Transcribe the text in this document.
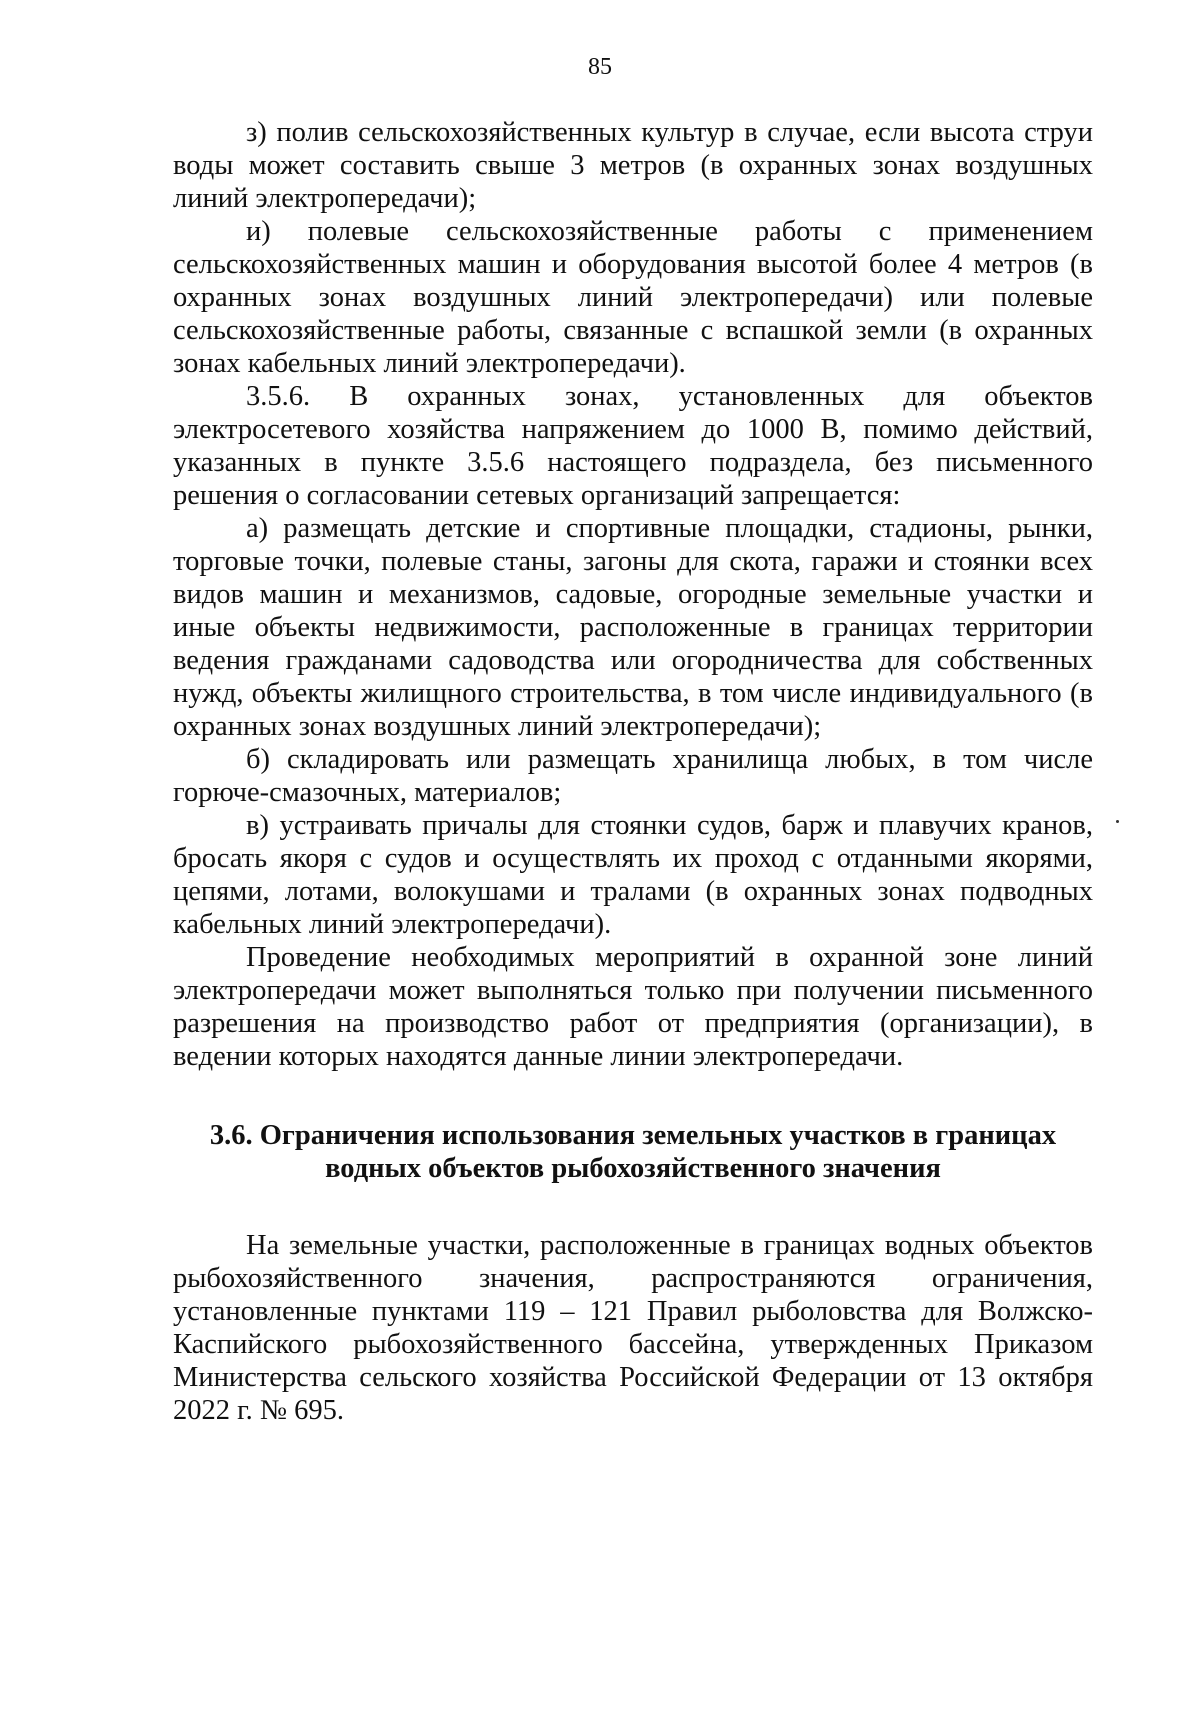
85

з) полив сельскохозяйственных культур в случае, если высота струи воды может составить свыше 3 метров (в охранных зонах воздушных линий электропередачи);

и) полевые сельскохозяйственные работы с применением сельскохозяйственных машин и оборудования высотой более 4 метров (в охранных зонах воздушных линий электропередачи) или полевые сельскохозяйственные работы, связанные с вспашкой земли (в охранных зонах кабельных линий электропередачи).

3.5.6. В охранных зонах, установленных для объектов электросетевого хозяйства напряжением до 1000 В, помимо действий, указанных в пункте 3.5.6 настоящего подраздела, без письменного решения о согласовании сетевых организаций запрещается:

а) размещать детские и спортивные площадки, стадионы, рынки, торговые точки, полевые станы, загоны для скота, гаражи и стоянки всех видов машин и механизмов, садовые, огородные земельные участки и иные объекты недвижимости, расположенные в границах территории ведения гражданами садоводства или огородничества для собственных нужд, объекты жилищного строительства, в том числе индивидуального (в охранных зонах воздушных линий электропередачи);

б) складировать или размещать хранилища любых, в том числе горюче-смазочных, материалов;

в) устраивать причалы для стоянки судов, барж и плавучих кранов, бросать якоря с судов и осуществлять их проход с отданными якорями, цепями, лотами, волокушами и тралами (в охранных зонах подводных кабельных линий электропередачи).

Проведение необходимых мероприятий в охранной зоне линий электропередачи может выполняться только при получении письменного разрешения на производство работ от предприятия (организации), в ведении которых находятся данные линии электропередачи.

3.6. Ограничения использования земельных участков в границах
водных объектов рыбохозяйственного значения

На земельные участки, расположенные в границах водных объектов рыбохозяйственного значения, распространяются ограничения, установленные пунктами 119 – 121 Правил рыболовства для Волжско-Каспийского рыбохозяйственного бассейна, утвержденных Приказом Министерства сельского хозяйства Российской Федерации от 13 октября 2022 г. № 695.
